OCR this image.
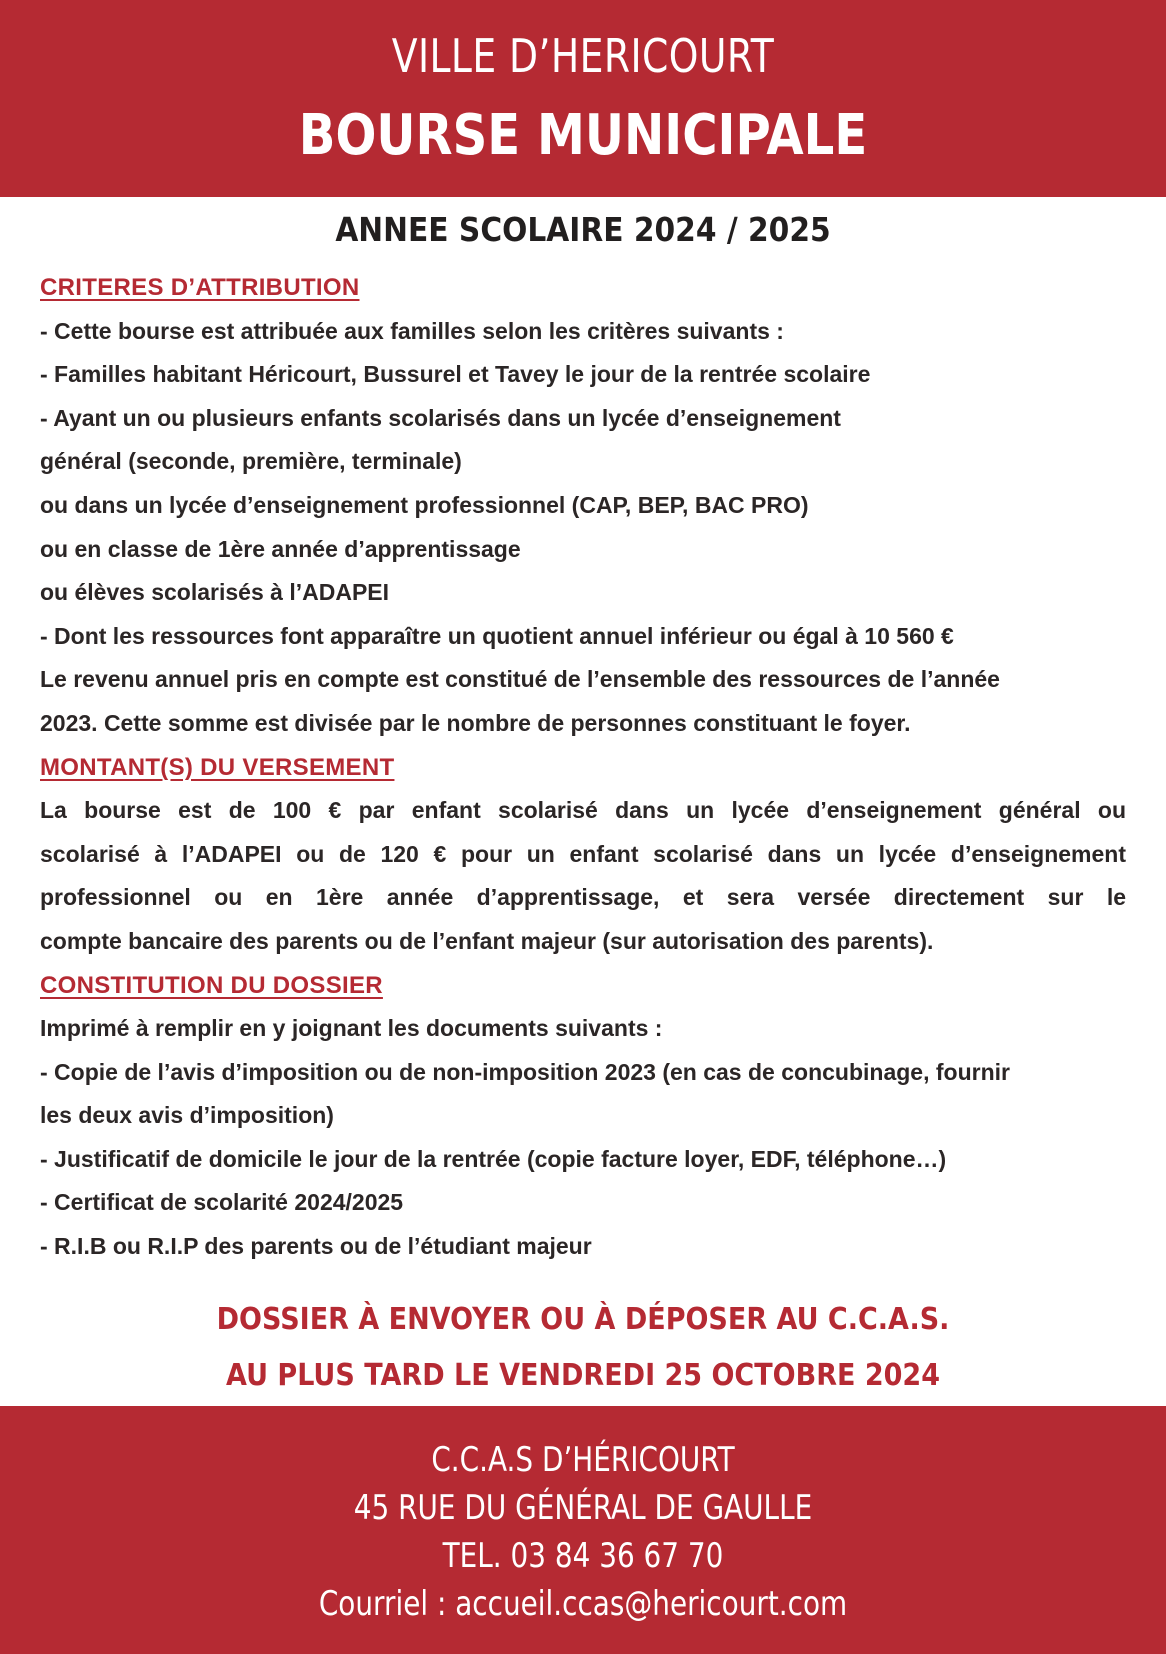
VILLE D’HERICOURT
BOURSE MUNICIPALE
ANNEE SCOLAIRE 2024 / 2025

CRITERES D’ATTRIBUTION

- Cette bourse est attribuée aux familles selon les critères suivants :

- Familles habitant Héricourt, Bussurel et Tavey le jour de la rentrée scolaire

- Ayant un ou plusieurs enfants scolarisés dans un lycée d’enseignement

général (seconde, première, terminale)

ou dans un lycée d’enseignement professionnel (CAP, BEP, BAC PRO)

ou en classe de 1ère année d’apprentissage

ou élèves scolarisés à l’ADAPEI

- Dont les ressources font apparaître un quotient annuel inférieur ou égal à 10 560 €

Le revenu annuel pris en compte est constitué de l’ensemble des ressources de l’année

2023. Cette somme est divisée par le nombre de personnes constituant le foyer.

MONTANT(S) DU VERSEMENT

La bourse est de 100 € par enfant scolarisé dans un lycée d’enseignement général ou

scolarisé à l’ADAPEI ou de 120 € pour un enfant scolarisé dans un lycée d’enseignement

professionnel ou en 1ère année d’apprentissage, et sera versée directement sur le

compte bancaire des parents ou de l’enfant majeur (sur autorisation des parents).

CONSTITUTION DU DOSSIER

Imprimé à remplir en y joignant les documents suivants :

- Copie de l’avis d’imposition ou de non-imposition 2023 (en cas de concubinage, fournir

les deux avis d’imposition)

- Justificatif de domicile le jour de la rentrée (copie facture loyer, EDF, téléphone…)

- Certificat de scolarité 2024/2025

- R.I.B ou R.I.P des parents ou de l’étudiant majeur

DOSSIER À ENVOYER OU À DÉPOSER AU C.C.A.S.
AU PLUS TARD LE VENDREDI 25 OCTOBRE 2024
C.C.A.S D’HÉRICOURT
45 RUE DU GÉNÉRAL DE GAULLE
TEL. 03 84 36 67 70
Courriel : accueil.ccas@hericourt.com
